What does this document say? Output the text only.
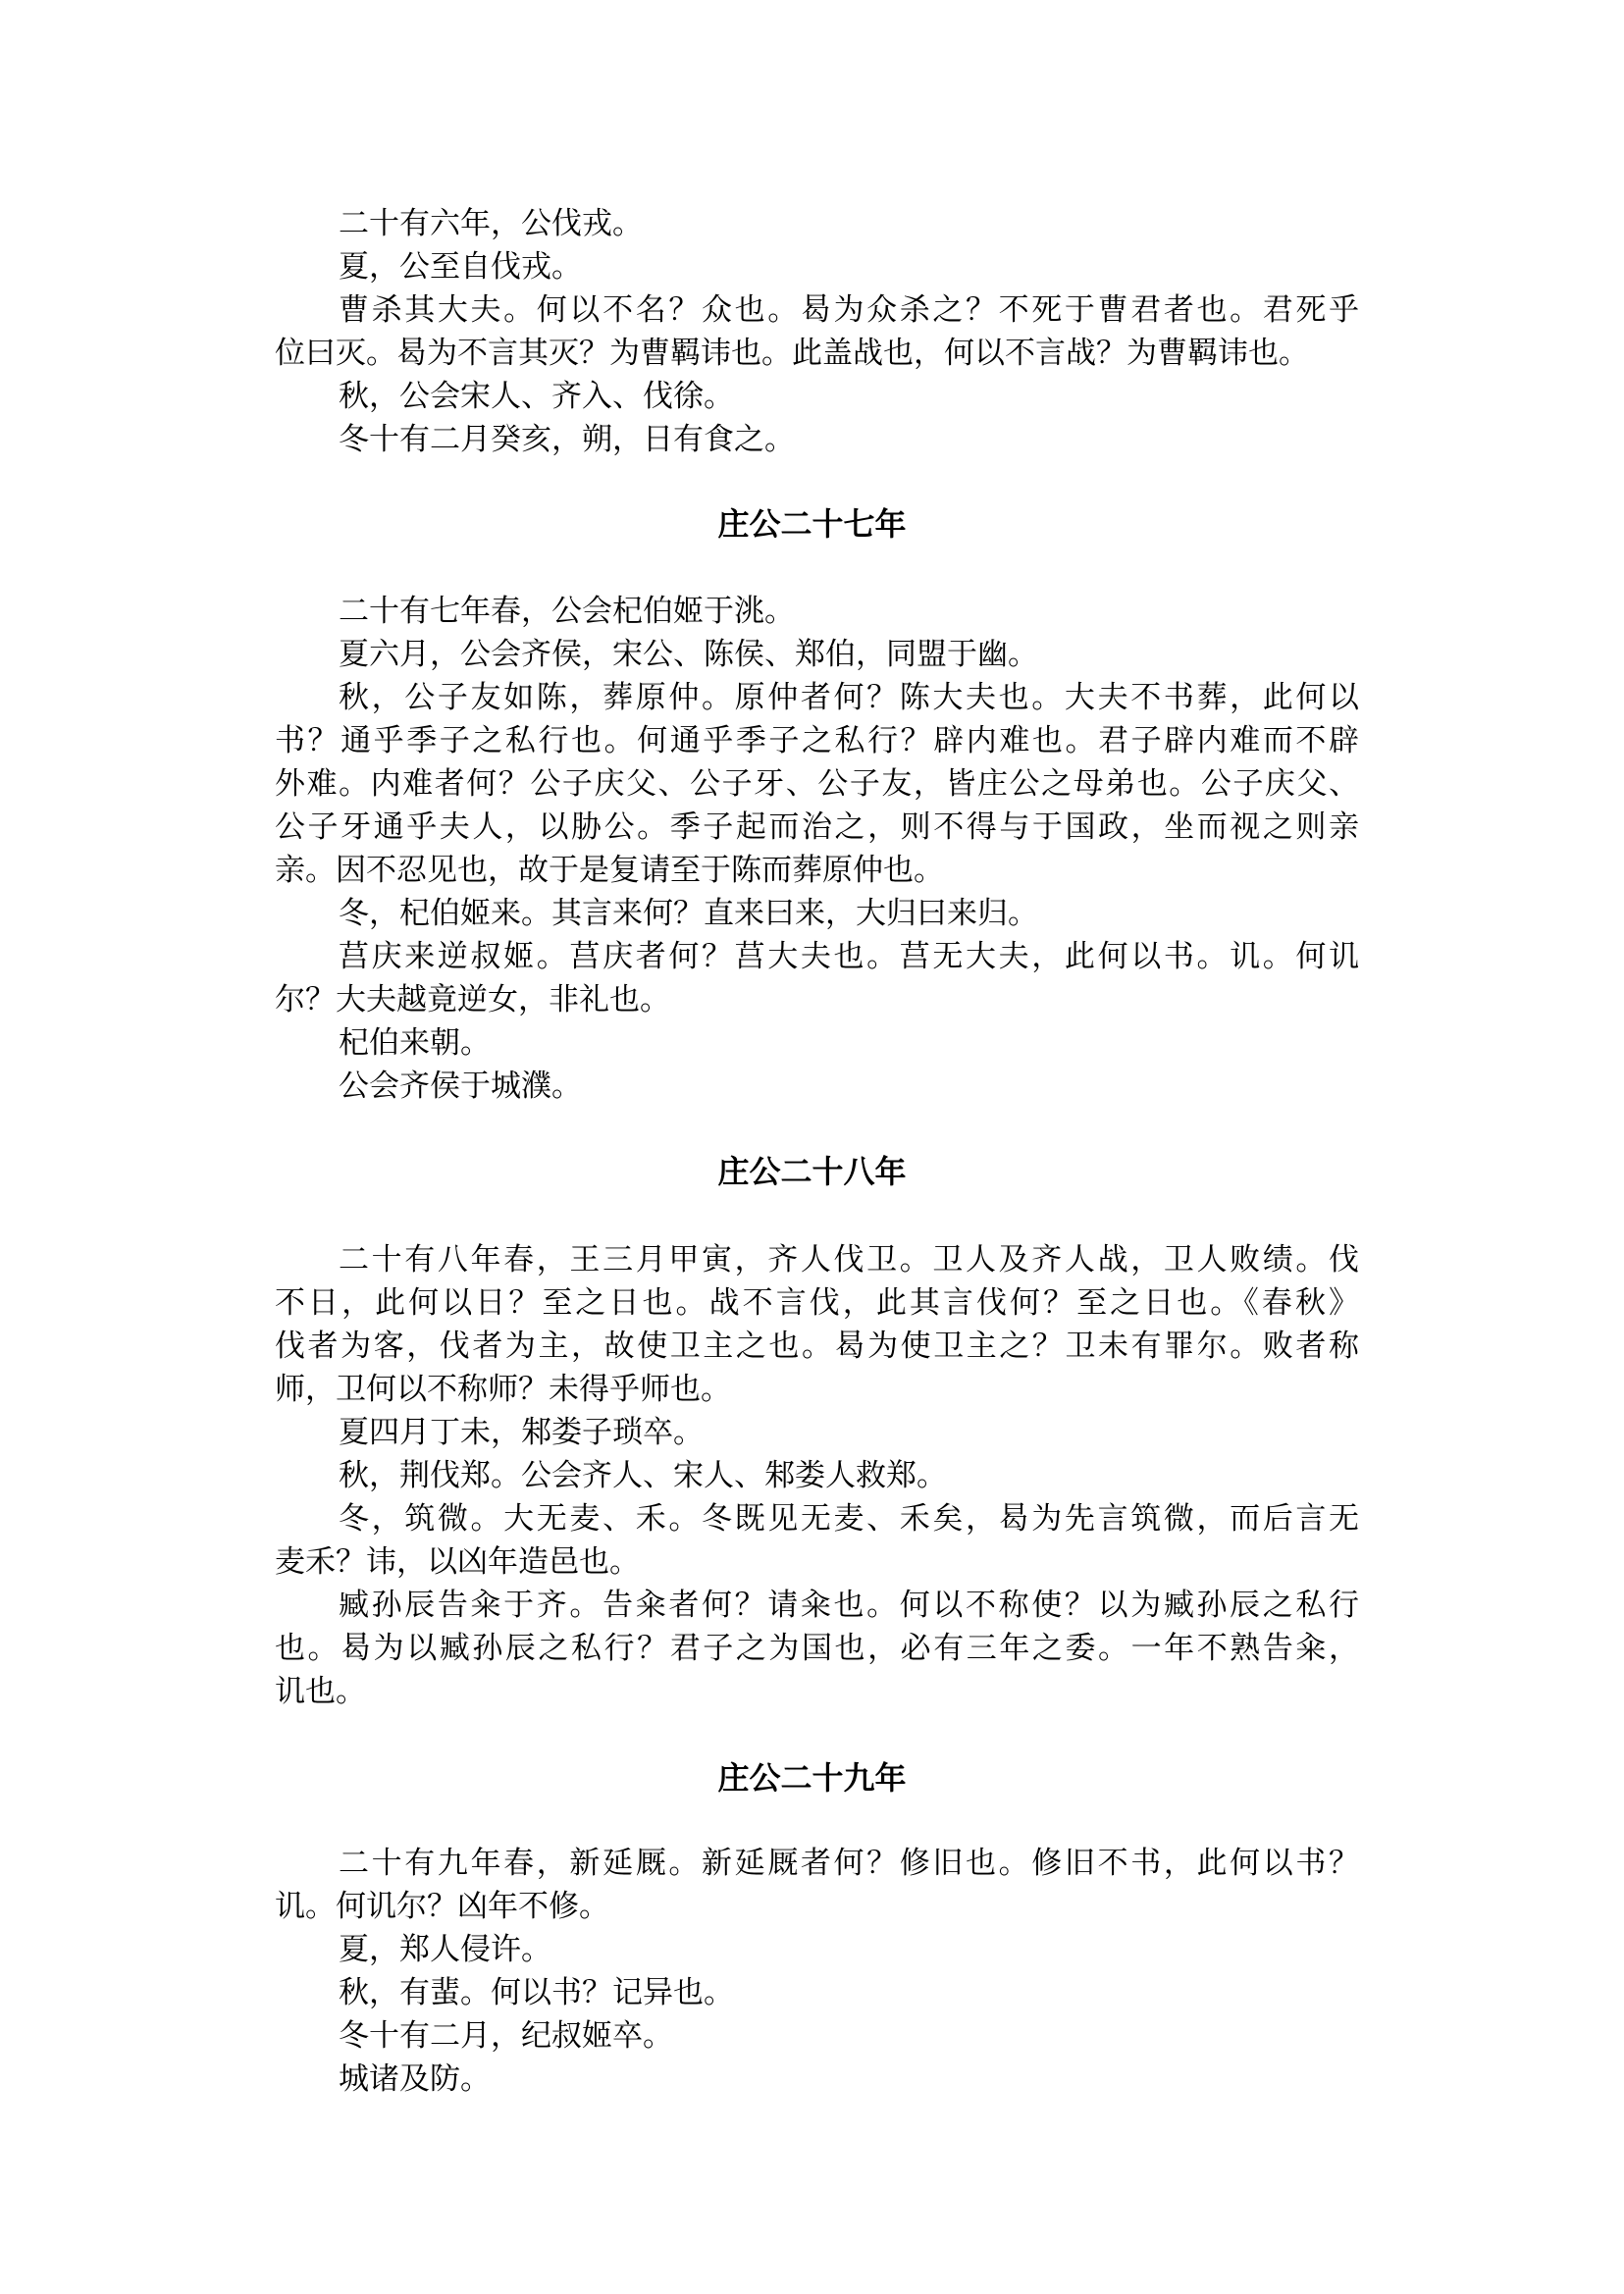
二十有六年，公伐戎。
夏，公至自伐戎。
曹杀其大夫。何以不名？众也。曷为众杀之？不死于曹君者也。君死乎
位曰灭。曷为不言其灭？为曹羁讳也。此盖战也，何以不言战？为曹羁讳也。
秋，公会宋人、齐入、伐徐。
冬十有二月癸亥，朔，日有食之。
庄公二十七年
二十有七年春，公会杞伯姬于洮。
夏六月，公会齐侯，宋公、陈侯、郑伯，同盟于幽。
秋，公子友如陈，葬原仲。原仲者何？陈大夫也。大夫不书葬，此何以
书？通乎季子之私行也。何通乎季子之私行？辟内难也。君子辟内难而不辟
外难。内难者何？公子庆父、公子牙、公子友，皆庄公之母弟也。公子庆父、
公子牙通乎夫人，以胁公。季子起而治之，则不得与于国政，坐而视之则亲
亲。因不忍见也，故于是复请至于陈而葬原仲也。
冬，杞伯姬来。其言来何？直来曰来，大归曰来归。
莒庆来逆叔姬。莒庆者何？莒大夫也。莒无大夫，此何以书。讥。何讥
尔？大夫越竟逆女，非礼也。
杞伯来朝。
公会齐侯于城濮。
庄公二十八年
二十有八年春，王三月甲寅，齐人伐卫。卫人及齐人战，卫人败绩。伐
不日，此何以日？至之日也。战不言伐，此其言伐何？至之日也。《春秋》
伐者为客，伐者为主，故使卫主之也。曷为使卫主之？卫未有罪尔。败者称
师，卫何以不称师？未得乎师也。
夏四月丁未，邾娄子琐卒。
秋，荆伐郑。公会齐人、宋人、邾娄人救郑。
冬，筑微。大无麦、禾。冬既见无麦、禾矣，曷为先言筑微，而后言无
麦禾？讳，以凶年造邑也。
臧孙辰告籴于齐。告籴者何？请籴也。何以不称使？以为臧孙辰之私行
也。曷为以臧孙辰之私行？君子之为国也，必有三年之委。一年不熟告籴，
讥也。
庄公二十九年
二十有九年春，新延厩。新延厩者何？修旧也。修旧不书，此何以书？
讥。何讥尔？凶年不修。
夏，郑人侵许。
秋，有蜚。何以书？记异也。
冬十有二月，纪叔姬卒。
城诸及防。
